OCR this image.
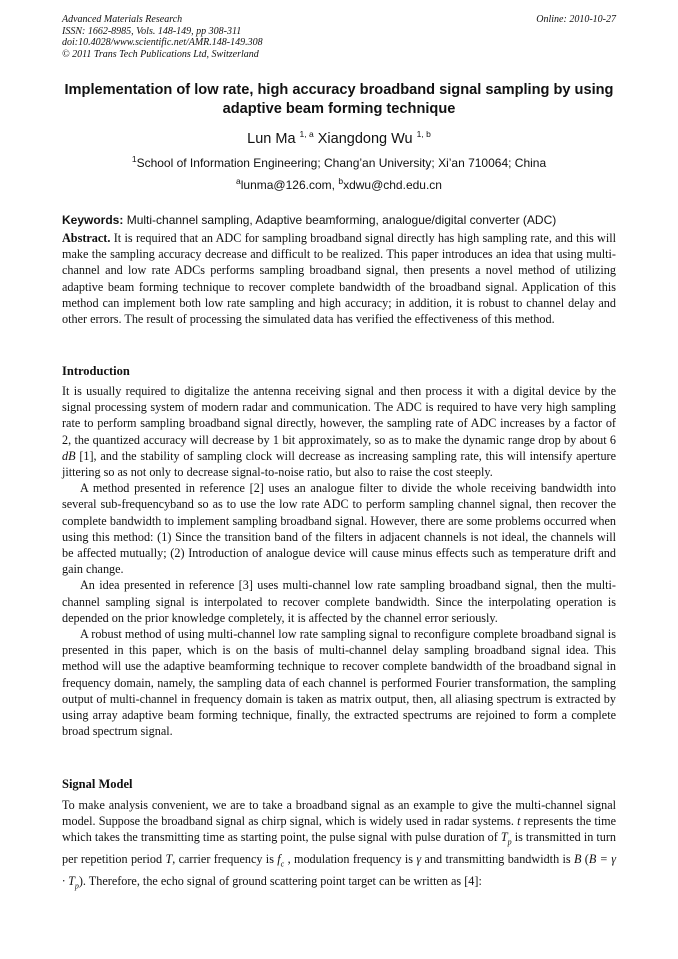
Advanced Materials Research
ISSN: 1662-8985, Vols. 148-149, pp 308-311
doi:10.4028/www.scientific.net/AMR.148-149.308
© 2011 Trans Tech Publications Ltd, Switzerland
Online: 2010-10-27
Implementation of low rate, high accuracy broadband signal sampling by using adaptive beam forming technique
Lun Ma $^{1, a}$ Xiangdong Wu $^{1, b}$
$^1$School of Information Engineering; Chang’an University; Xi’an 710064; China
$^a$lunma@126.com, $^b$xdwu@chd.edu.cn
Keywords: Multi-channel sampling, Adaptive beamforming, analogue/digital converter (ADC)
Abstract. It is required that an ADC for sampling broadband signal directly has high sampling rate, and this will make the sampling accuracy decrease and difficult to be realized. This paper introduces an idea that using multi-channel and low rate ADCs performs sampling broadband signal, then presents a novel method of utilizing adaptive beam forming technique to recover complete bandwidth of the broadband signal. Application of this method can implement both low rate sampling and high accuracy; in addition, it is robust to channel delay and other errors. The result of processing the simulated data has verified the effectiveness of this method.
Introduction

It is usually required to digitalize the antenna receiving signal and then process it with a digital device by the signal processing system of modern radar and communication. The ADC is required to have very high sampling rate to perform sampling broadband signal directly, however, the sampling rate of ADC increases by a factor of 2, the quantized accuracy will decrease by 1 bit approximately, so as to make the dynamic range drop by about 6 dB [1], and the stability of sampling clock will decrease as increasing sampling rate, this will intensify aperture jittering so as not only to decrease signal-to-noise ratio, but also to raise the cost steeply.

A method presented in reference [2] uses an analogue filter to divide the whole receiving bandwidth into several sub-frequencyband so as to use the low rate ADC to perform sampling channel signal, then recover the complete bandwidth to implement sampling broadband signal. However, there are some problems occurred when using this method: (1) Since the transition band of the filters in adjacent channels is not ideal, the channels will be affected mutually; (2) Introduction of analogue device will cause minus effects such as temperature drift and gain change.

An idea presented in reference [3] uses multi-channel low rate sampling broadband signal, then the multi-channel sampling signal is interpolated to recover complete bandwidth. Since the interpolating operation is depended on the prior knowledge completely, it is affected by the channel error seriously.

A robust method of using multi-channel low rate sampling signal to reconfigure complete broadband signal is presented in this paper, which is on the basis of multi-channel delay sampling broadband signal idea. This method will use the adaptive beamforming technique to recover complete bandwidth of the broadband signal in frequency domain, namely, the sampling data of each channel is performed Fourier transformation, the sampling output of multi-channel in frequency domain is taken as matrix output, then, all aliasing spectrum is extracted by using array adaptive beam forming technique, finally, the extracted spectrums are rejoined to form a complete broad spectrum signal.

Signal Model

To make analysis convenient, we are to take a broadband signal as an example to give the multi-channel signal model. Suppose the broadband signal as chirp signal, which is widely used in radar systems. t represents the time which takes the transmitting time as starting point, the pulse signal with pulse duration of $T_p$ is transmitted in turn per repetition period T, carrier frequency is $f_c$ , modulation frequency is γ and transmitting bandwidth is B $(B = \gamma \cdot T_p)$. Therefore, the echo signal of ground scattering point target can be written as [4]:
